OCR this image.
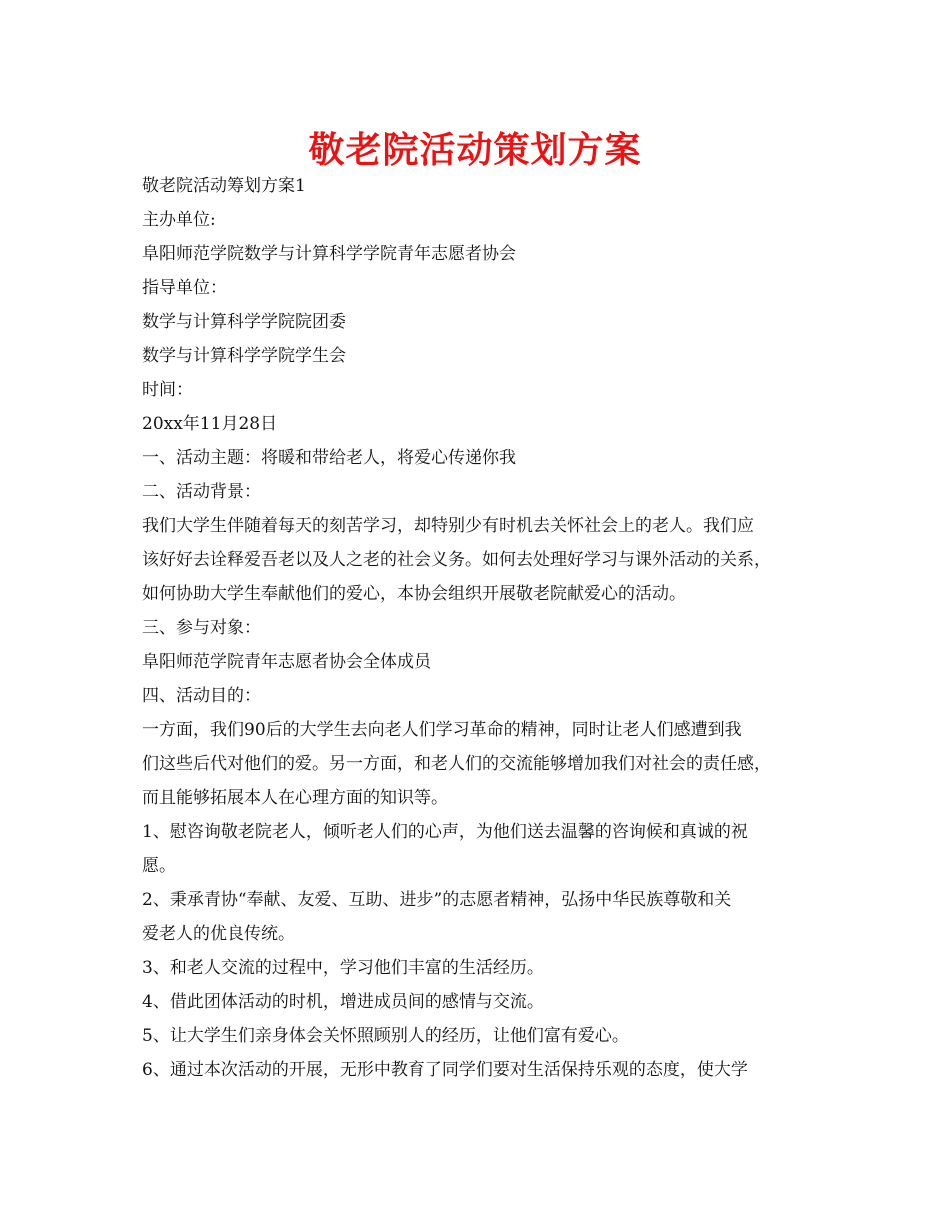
敬老院活动策划方案

敬老院活动筹划方案1

主办单位:

阜阳师范学院数学与计算科学学院青年志愿者协会

指导单位：

数学与计算科学学院院团委

数学与计算科学学院学生会

时间：

20xx年11月28日

一、活动主题：将暖和带给老人，将爱心传递你我

二、活动背景：

我们大学生伴随着每天的刻苦学习，却特别少有时机去关怀社会上的老人。我们应

该好好去诠释爱吾老以及人之老的社会义务。如何去处理好学习与课外活动的关系，

如何协助大学生奉献他们的爱心，本协会组织开展敬老院献爱心的活动。

三、参与对象：

阜阳师范学院青年志愿者协会全体成员

四、活动目的：

一方面，我们90后的大学生去向老人们学习革命的精神，同时让老人们感遭到我

们这些后代对他们的爱。另一方面，和老人们的交流能够增加我们对社会的责任感，

而且能够拓展本人在心理方面的知识等。

1、慰咨询敬老院老人，倾听老人们的心声，为他们送去温馨的咨询候和真诚的祝

愿。

2、秉承青协“奉献、友爱、互助、进步”的志愿者精神，弘扬中华民族尊敬和关

爱老人的优良传统。

3、和老人交流的过程中，学习他们丰富的生活经历。

4、借此团体活动的时机，增进成员间的感情与交流。

5、让大学生们亲身体会关怀照顾别人的经历，让他们富有爱心。

6、通过本次活动的开展，无形中教育了同学们要对生活保持乐观的态度，使大学
